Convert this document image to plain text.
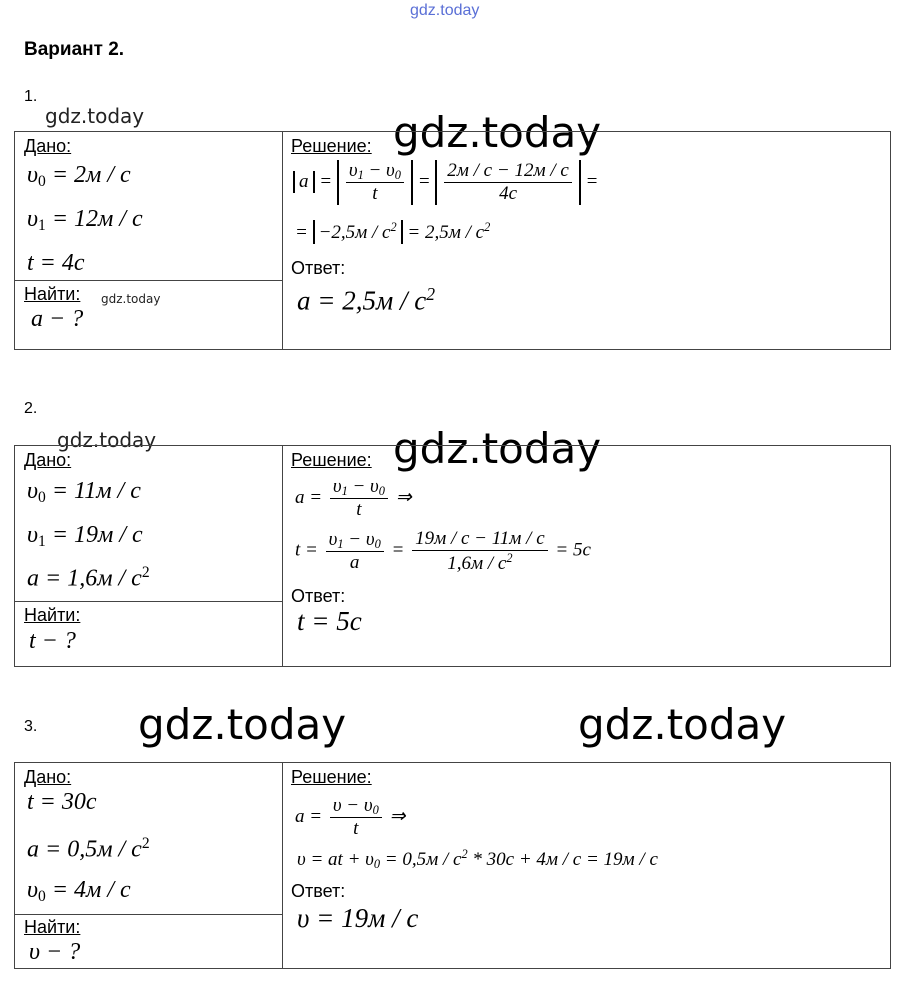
gdz.today
Вариант 2.
1.
gdz.today	gdz.today
Дано:
$\upsilon_0 = 2м / с$
$\upsilon_1 = 12м / с$
t = 4с
Найти: gdz.today
a − ?
Решение:
$a = \frac{\upsilon_1 - \upsilon_0}{t} = \frac{2м / с - 12м / с}{4с}$ =
= $-2,5м / с^2 = 2,5м / с^2$
Ответ:
$a = 2,5м / с^2$
2.
gdz.today	gdz.today
Дано:
$\upsilon_0 = 11м / с$
$\upsilon_1 = 19м / с$
$a = 1,6м / с^2$
Найти:
t − ?
Решение:
$a = \frac{\upsilon_1 - \upsilon_0}{t}$ ⇒
$t = \frac{\upsilon_1 - \upsilon_0}{a} = \frac{19м / с - 11м / с}{1,6м / с^2} = 5с$
Ответ:
t = 5с
3. gdz.today	gdz.today
Дано:
t = 30с
$a = 0,5м / с^2$
$\upsilon_0 = 4м / с$
Найти:
υ − ?
Решение:
$a = \frac{\upsilon - \upsilon_0}{t}$ ⇒
υ = at + $\upsilon_0 = 0,5м / с^2 * 30с + 4м / с = 19м / с$
Ответ:
υ = 19м / с
